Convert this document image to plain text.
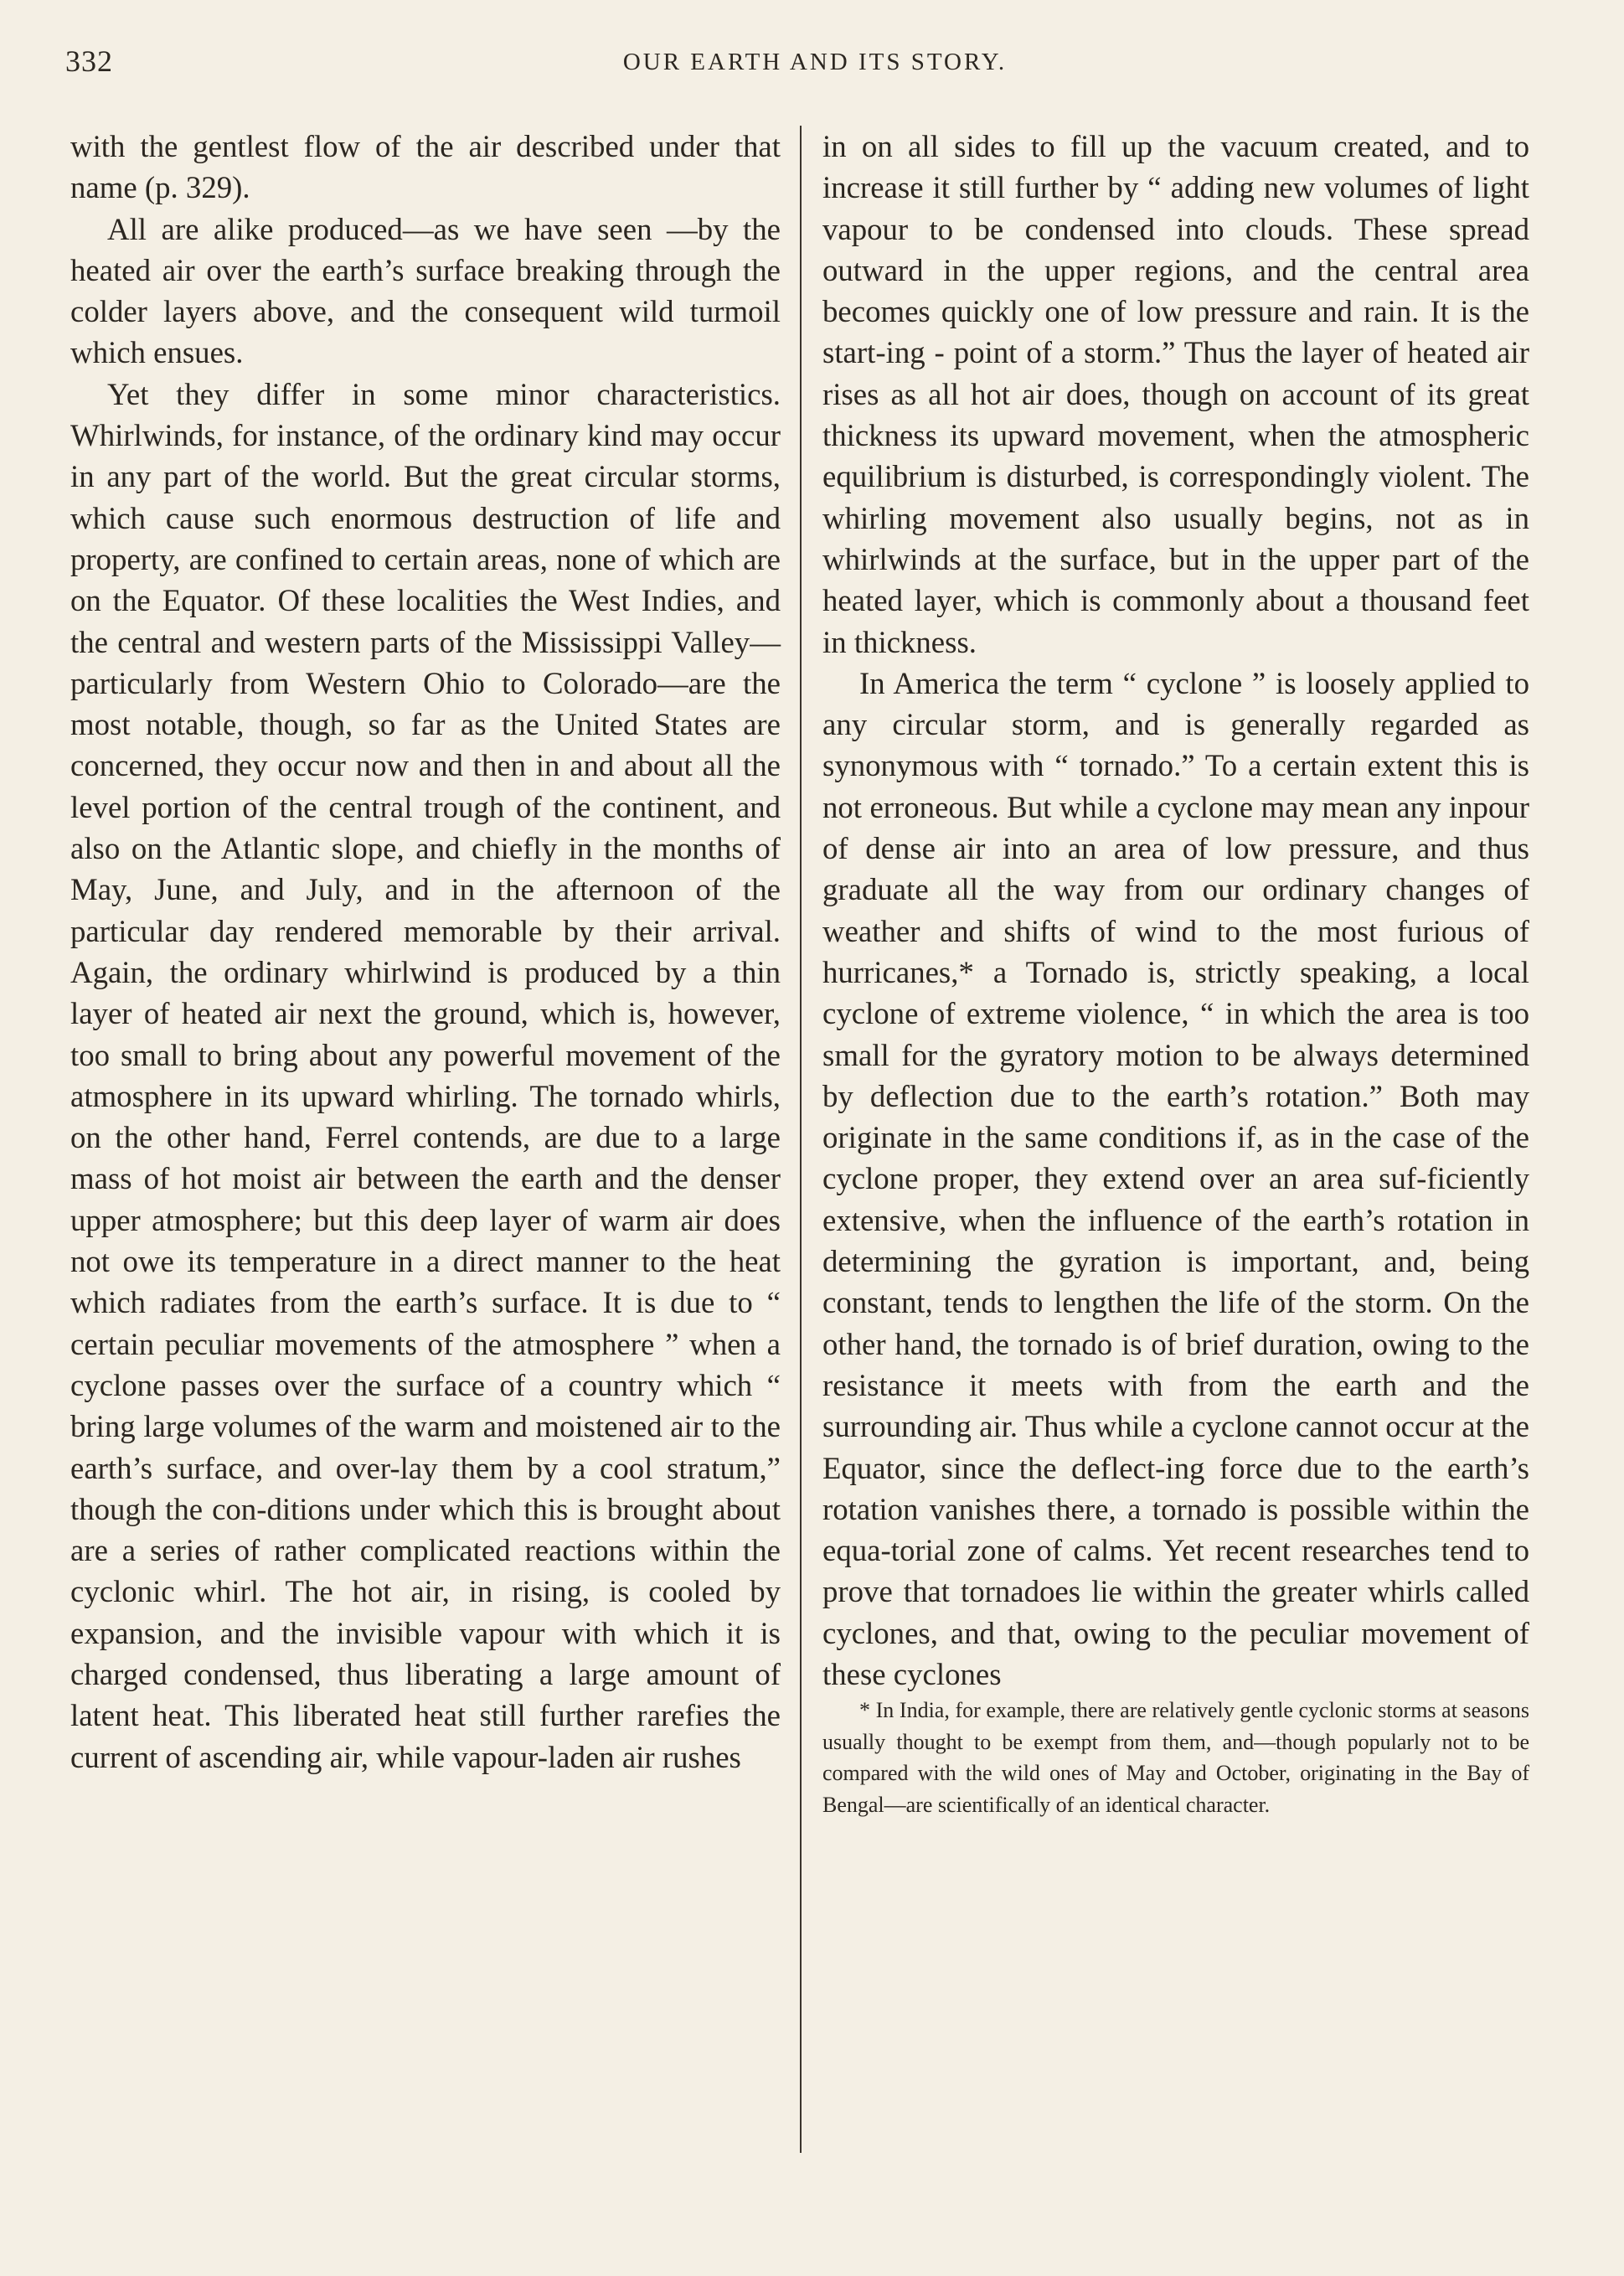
332	OUR EARTH AND ITS STORY.

with the gentlest flow of the air described under that name (p. 329).

All are alike produced—as we have seen —by the heated air over the earth’s surface breaking through the colder layers above, and the consequent wild turmoil which ensues.

Yet they differ in some minor characteristics. Whirlwinds, for instance, of the ordinary kind may occur in any part of the world. But the great circular storms, which cause such enormous destruction of life and property, are confined to certain areas, none of which are on the Equator. Of these localities the West Indies, and the central and western parts of the Mississippi Valley—particularly from Western Ohio to Colorado—are the most notable, though, so far as the United States are concerned, they occur now and then in and about all the level portion of the central trough of the continent, and also on the Atlantic slope, and chiefly in the months of May, June, and July, and in the afternoon of the particular day rendered memorable by their arrival. Again, the ordinary whirlwind is produced by a thin layer of heated air next the ground, which is, however, too small to bring about any powerful movement of the atmosphere in its upward whirling. The tornado whirls, on the other hand, Ferrel contends, are due to a large mass of hot moist air between the earth and the denser upper atmosphere; but this deep layer of warm air does not owe its temperature in a direct manner to the heat which radiates from the earth’s surface. It is due to “ certain peculiar movements of the atmosphere ” when a cyclone passes over the surface of a country which “ bring large volumes of the warm and moistened air to the earth’s surface, and over-lay them by a cool stratum,” though the con-ditions under which this is brought about are a series of rather complicated reactions within the cyclonic whirl. The hot air, in rising, is cooled by expansion, and the invisible vapour with which it is charged condensed, thus liberating a large amount of latent heat. This liberated heat still further rarefies the current of ascending air, while vapour-laden air rushes

in on all sides to fill up the vacuum created, and to increase it still further by “ adding new volumes of light vapour to be condensed into clouds. These spread outward in the upper regions, and the central area becomes quickly one of low pressure and rain. It is the start-ing - point of a storm.” Thus the layer of heated air rises as all hot air does, though on account of its great thickness its upward movement, when the atmospheric equilibrium is disturbed, is correspondingly violent. The whirling movement also usually begins, not as in whirlwinds at the surface, but in the upper part of the heated layer, which is commonly about a thousand feet in thickness.

In America the term “ cyclone ” is loosely applied to any circular storm, and is generally regarded as synonymous with “ tornado.” To a certain extent this is not erroneous. But while a cyclone may mean any inpour of dense air into an area of low pressure, and thus graduate all the way from our ordinary changes of weather and shifts of wind to the most furious of hurricanes,* a Tornado is, strictly speaking, a local cyclone of extreme violence, “ in which the area is too small for the gyratory motion to be always determined by deflection due to the earth’s rotation.” Both may originate in the same conditions if, as in the case of the cyclone proper, they extend over an area suf-ficiently extensive, when the influence of the earth’s rotation in determining the gyration is important, and, being constant, tends to lengthen the life of the storm. On the other hand, the tornado is of brief duration, owing to the resistance it meets with from the earth and the surrounding air. Thus while a cyclone cannot occur at the Equator, since the deflect-ing force due to the earth’s rotation vanishes there, a tornado is possible within the equa-torial zone of calms. Yet recent researches tend to prove that tornadoes lie within the greater whirls called cyclones, and that, owing to the peculiar movement of these cyclones

* In India, for example, there are relatively gentle cyclonic storms at seasons usually thought to be exempt from them, and—though popularly not to be compared with the wild ones of May and October, originating in the Bay of Bengal—are scientifically of an identical character.
